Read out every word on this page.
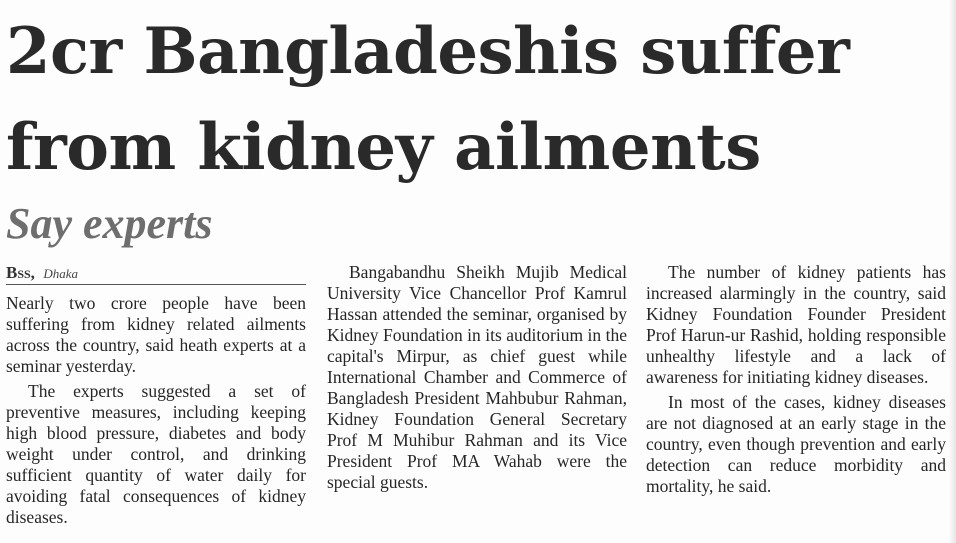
2cr Bangladeshis suffer
from kidney ailments
Say experts
Bss, Dhaka

Nearly two crore people have been suffering from kidney related ailments across the country, said heath experts at a seminar yesterday.

The experts suggested a set of preventive measures, including keeping high blood pressure, diabetes and body weight under control, and drinking sufficient quantity of water daily for avoiding fatal consequences of kidney diseases.

Bangabandhu Sheikh Mujib Medical University Vice Chancellor Prof Kamrul Hassan attended the seminar, organised by Kidney Foundation in its auditorium in the capital's Mirpur, as chief guest while International Chamber and Commerce of Bangladesh President Mahbubur Rahman, Kidney Foundation General Secretary Prof M Muhibur Rahman and its Vice President Prof MA Wahab were the special guests.

The number of kidney patients has increased alarmingly in the country, said Kidney Foundation Founder President Prof Harun-ur Rashid, holding responsible unhealthy lifestyle and a lack of awareness for initiating kidney diseases.

In most of the cases, kidney diseases are not diagnosed at an early stage in the country, even though prevention and early detection can reduce morbidity and mortality, he said.
